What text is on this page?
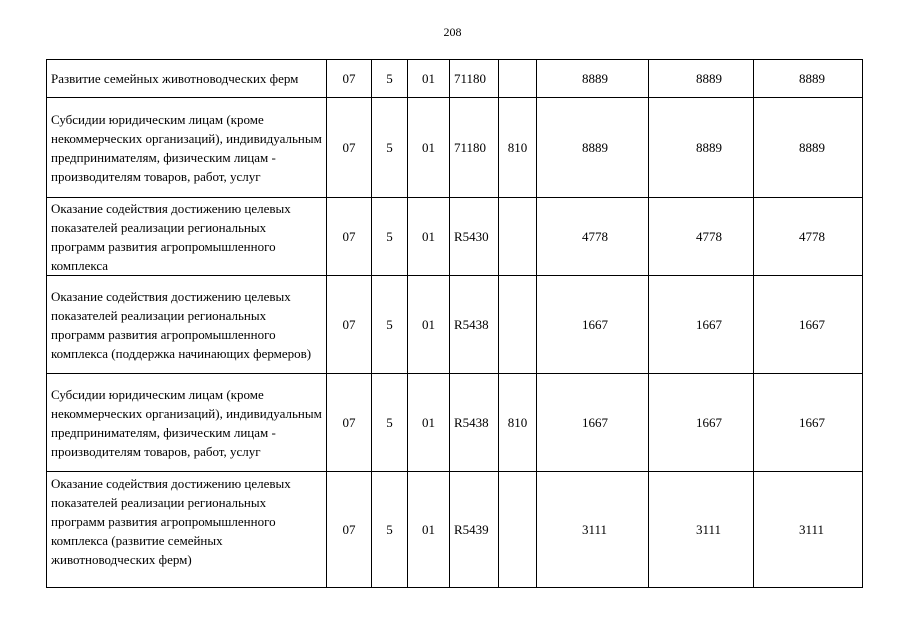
208
Развитие семейных животноводческих ферм	07	5	01	71180		8889	8889	8889
Субсидии юридическим лицам (кроме некоммерческих организаций), индивидуальным предпринимателям, физическим лицам - производителям товаров, работ, услуг	07	5	01	71180	810	8889	8889	8889
Оказание содействия достижению целевых показателей реализации региональных программ развития агропромышленного комплекса	07	5	01	R5430		4778	4778	4778
Оказание содействия достижению целевых показателей реализации региональных программ развития агропромышленного комплекса (поддержка начинающих фермеров)	07	5	01	R5438		1667	1667	1667
Субсидии юридическим лицам (кроме некоммерческих организаций), индивидуальным предпринимателям, физическим лицам - производителям товаров, работ, услуг	07	5	01	R5438	810	1667	1667	1667
Оказание содействия достижению целевых показателей реализации региональных программ развития агропромышленного комплекса (развитие семейных животноводческих ферм)	07	5	01	R5439		3111	3111	3111
